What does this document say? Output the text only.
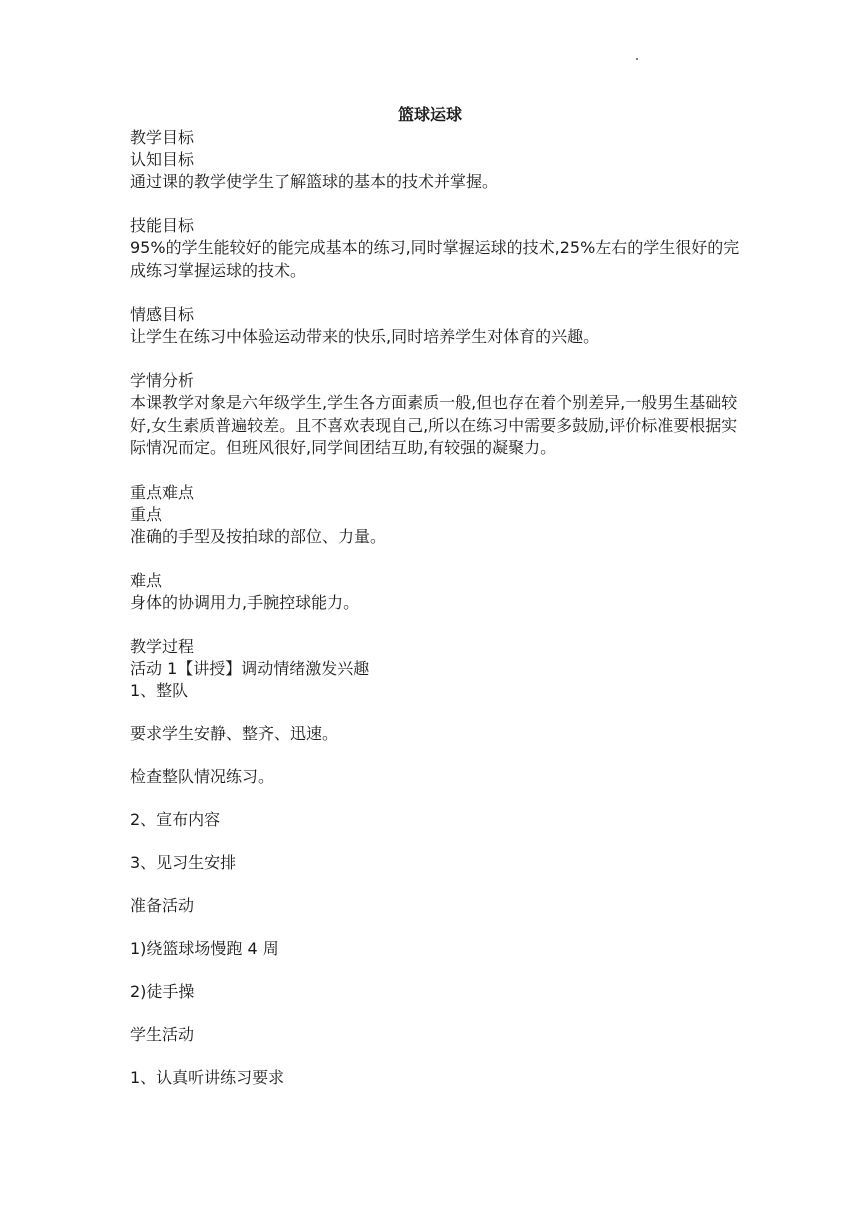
篮球运球
教学目标
认知目标
通过课的教学使学生了解篮球的基本的技术并掌握。
技能目标
95%的学生能较好的能完成基本的练习,同时掌握运球的技术,25%左右的学生很好的完成练习掌握运球的技术。
情感目标
让学生在练习中体验运动带来的快乐,同时培养学生对体育的兴趣。
学情分析
本课教学对象是六年级学生,学生各方面素质一般,但也存在着个别差异,一般男生基础较好,女生素质普遍较差。且不喜欢表现自己,所以在练习中需要多鼓励,评价标准要根据实际情况而定。但班风很好,同学间团结互助,有较强的凝聚力。
重点难点
重点
准确的手型及按拍球的部位、力量。
难点
身体的协调用力,手腕控球能力。
教学过程
活动 1【讲授】调动情绪激发兴趣
1、整队
要求学生安静、整齐、迅速。
检查整队情况练习。
2、宣布内容
3、见习生安排
准备活动
1)绕篮球场慢跑 4 周
2)徒手操
学生活动
1、认真听讲练习要求
